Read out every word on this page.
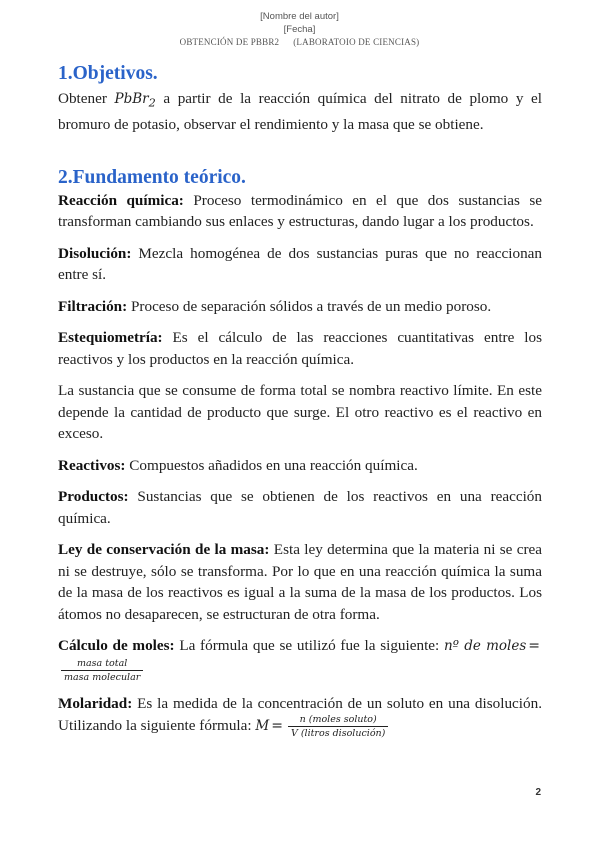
[Nombre del autor]
[Fecha]
OBTENCIÓN DE PBBR2 (LABORATOIO DE CIENCIAS)
1.Objetivos.

Obtener PbBr$_2$ a partir de la reacción química del nitrato de plomo y el bromuro de potasio, observar el rendimiento y la masa que se obtiene.

2.Fundamento teórico.

Reacción química: Proceso termodinámico en el que dos sustancias se transforman cambiando sus enlaces y estructuras, dando lugar a los productos.

Disolución: Mezcla homogénea de dos sustancias puras que no reaccionan entre sí.

Filtración: Proceso de separación sólidos a través de un medio poroso.

Estequiometría: Es el cálculo de las reacciones cuantitativas entre los reactivos y los productos en la reacción química.

La sustancia que se consume de forma total se nombra reactivo límite. En este depende la cantidad de producto que surge. El otro reactivo es el reactivo en exceso.

Reactivos: Compuestos añadidos en una reacción química.

Productos: Sustancias que se obtienen de los reactivos en una reacción química.

Ley de conservación de la masa: Esta ley determina que la materia ni se crea ni se destruye, sólo se transforma. Por lo que en una reacción química la suma de la masa de los reactivos es igual a la suma de la masa de los productos. Los átomos no desaparecen, se estructuran de otra forma.

Cálculo de moles: La fórmula que se utilizó fue la siguiente: nº de moles =
$\frac{\text{masa total}}{\text{masa molecular}}$

Molaridad: Es la medida de la concentración de un soluto en una disolución. Utilizando la siguiente fórmula: $M = \frac{\text{n (moles soluto)}}{\text{V (litros disolución)}}$

2
